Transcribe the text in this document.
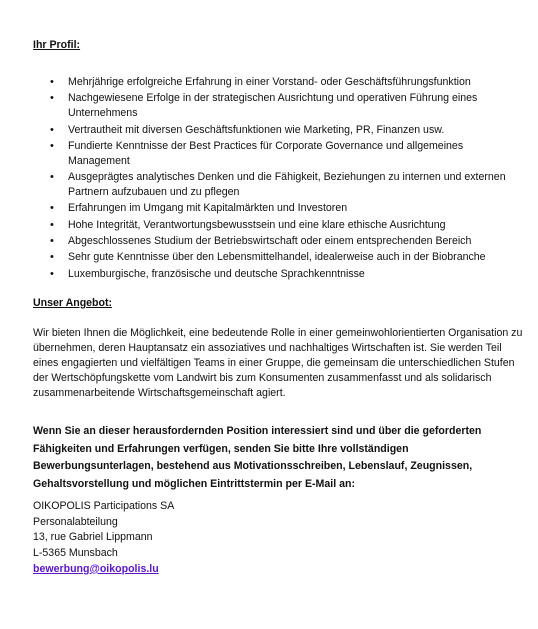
Ihr Profil:
• Mehrjährige erfolgreiche Erfahrung in einer Vorstand- oder Geschäftsführungsfunktion
• Nachgewiesene Erfolge in der strategischen Ausrichtung und operativen Führung eines Unternehmens
• Vertrautheit mit diversen Geschäftsfunktionen wie Marketing, PR, Finanzen usw.
• Fundierte Kenntnisse der Best Practices für Corporate Governance und allgemeines Management
• Ausgeprägtes analytisches Denken und die Fähigkeit, Beziehungen zu internen und externen Partnern aufzubauen und zu pflegen
• Erfahrungen im Umgang mit Kapitalmärkten und Investoren
• Hohe Integrität, Verantwortungsbewusstsein und eine klare ethische Ausrichtung
• Abgeschlossenes Studium der Betriebswirtschaft oder einem entsprechenden Bereich
• Sehr gute Kenntnisse über den Lebensmittelhandel, idealerweise auch in der Biobranche
• Luxemburgische, französische und deutsche Sprachkenntnisse
Unser Angebot:

Wir bieten Ihnen die Möglichkeit, eine bedeutende Rolle in einer gemeinwohlorientierten Organisation zu übernehmen, deren Hauptansatz ein assoziatives und nachhaltiges Wirtschaften ist. Sie werden Teil eines engagierten und vielfältigen Teams in einer Gruppe, die gemeinsam die unterschiedlichen Stufen der Wertschöpfungskette vom Landwirt bis zum Konsumenten zusammenfasst und als solidarisch zusammenarbeitende Wirtschaftsgemeinschaft agiert.

Wenn Sie an dieser herausfordernden Position interessiert sind und über die geforderten Fähigkeiten und Erfahrungen verfügen, senden Sie bitte Ihre vollständigen Bewerbungsunterlagen, bestehend aus Motivationsschreiben, Lebenslauf, Zeugnissen, Gehaltsvorstellung und möglichen Eintrittstermin per E-Mail an:

OIKOPOLIS Participations SA
Personalabteilung
13, rue Gabriel Lippmann
L-5365 Munsbach
bewerbung@oikopolis.lu
